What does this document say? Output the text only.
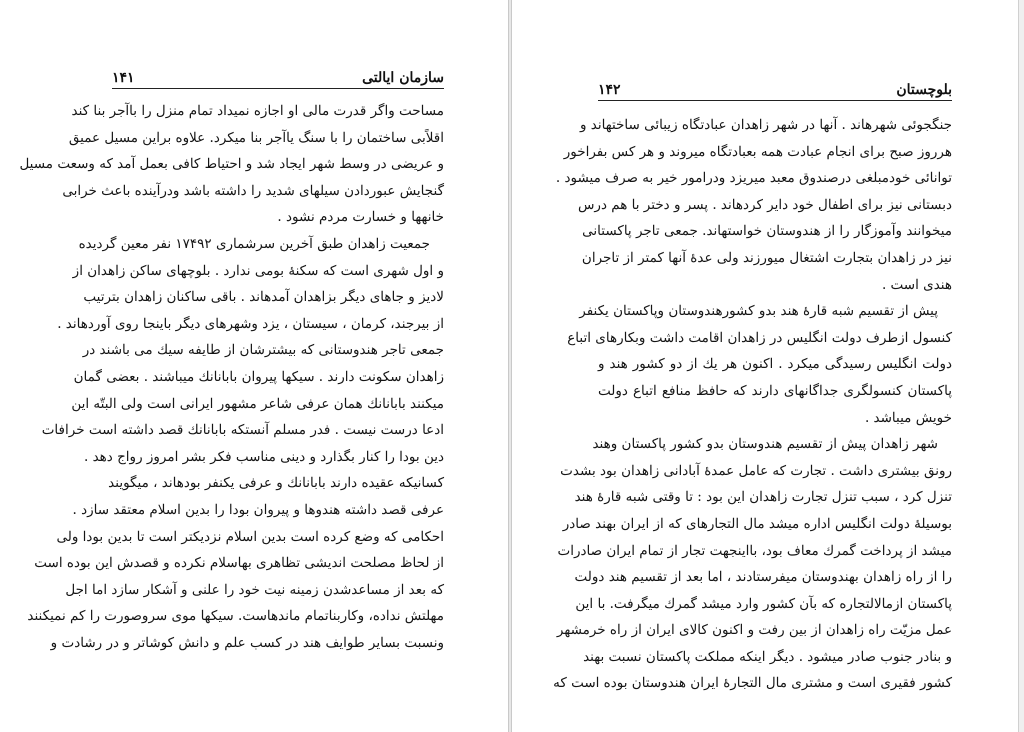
سازمان ایالتی
۱۴۱
مساحت واگر قدرت مالی او اجازه نمیداد تمام منزل را باآجر بنا کند
اقلاًبی ساختمان را با سنگ یاآجر بنا میکرد. علاوه براین مسیل عمیق
و عریضی در وسط شهر ایجاد شد و احتیاط کافی بعمل آمد که وسعت مسیل
گنجایش عبوردادن سیلهای شدید را داشته باشد ودرآینده باعث خرابی
خانهها و خسارت مردم نشود .
جمعیت زاهدان طبق آخرین سرشماری ۱۷۴۹۲ نفر معین گردیده
و اول شهری است که سکنهٔ بومی ندارد . بلوچهای ساکن زاهدان از
لادیز و جاهای دیگر بزاهدان آمدهاند . باقی ساکنان زاهدان بترتیب
از بیرجند، کرمان ، سیستان ، یزد وشهرهای دیگر باینجا روی آوردهاند .
جمعی تاجر هندوستانی که بیشترشان از طایفه سیك می باشند در
زاهدان سکونت دارند . سیکها پیروان بابانانك میباشند . بعضی گمان
میکنند بابانانك همان عرفی شاعر مشهور ایرانی است ولی البتّه این
ادعا درست نیست . فدر مسلم آنستکه بابانانك قصد داشته است خرافات
دین بودا را کنار بگذارد و دینی مناسب فکر بشر امروز رواج دهد .
کسانیکه عقیده دارند بابانانك و عرفی یکنفر بودهاند ، میگویند
عرفی قصد داشته هندوها و پیروان بودا را بدین اسلام معتقد سازد .
احکامی که وضع کرده است بدین اسلام نزدیکتر است تا بدین بودا ولی
از لحاظ مصلحت اندیشی تظاهری بهاسلام نکرده و قصدش این بوده است
که بعد از مساعدشدن زمینه نیت خود را علنی و آشکار سازد اما اجل
مهلتش نداده، وکاربناتمام ماندهاست. سیکها موی سروصورت را کم نمیکنند
ونسبت بسایر طوایف هند در کسب علم و دانش کوشاتر و در رشادت و
بلوچستان
۱۴۲
جنگجوئی شهرهاند . آنها در شهر زاهدان عبادتگاه زیبائی ساختهاند و
هرروز صبح برای انجام عبادت همه بعبادتگاه میروند و هر کس بفراخور
توانائی خودمبلغی درصندوق معبد میریزد ودرامور خیر به صرف میشود .
دبستانی نیز برای اطفال خود دایر کردهاند . پسر و دختر با هم درس
میخوانند وآموزگار را از هندوستان خواستهاند. جمعی تاجر پاکستانی
نیز در زاهدان بتجارت اشتغال میورزند ولی عدهٔ آنها کمتر از تاجران
هندی است .
پیش از تقسیم شبه قارهٔ هند بدو کشورهندوستان وپاکستان یکنفر
کنسول ازطرف دولت انگلیس در زاهدان اقامت داشت وبکارهای اتباع
دولت انگلیس رسیدگی میکرد . اکنون هر یك از دو کشور هند و
پاکستان کنسولگری جداگانهای دارند که حافظ منافع اتباع دولت
خویش میباشد .
شهر زاهدان پیش از تقسیم هندوستان بدو کشور پاکستان وهند
رونق بیشتری داشت . تجارت که عامل عمدهٔ آبادانی زاهدان بود بشدت
تنزل کرد ، سبب تنزل تجارت زاهدان این بود : تا وقتی شبه قارهٔ هند
بوسیلهٔ دولت انگلیس اداره میشد مال التجارهای که از ایران بهند صادر
میشد از پرداخت گمرك معاف بود، بااینجهت تجار از تمام ایران صادرات
را از راه زاهدان بهندوستان میفرستادند ، اما بعد از تقسیم هند دولت
پاکستان ازمالالتجاره که بآن کشور وارد میشد گمرك میگرفت. با این
عمل مزیّت راه زاهدان از بین رفت و اکنون کالای ایران از راه خرمشهر
و بنادر جنوب صادر میشود . دیگر اینکه مملکت پاکستان نسبت بهند
کشور فقیری است و مشتری مال التجارهٔ ایران هندوستان بوده است که
